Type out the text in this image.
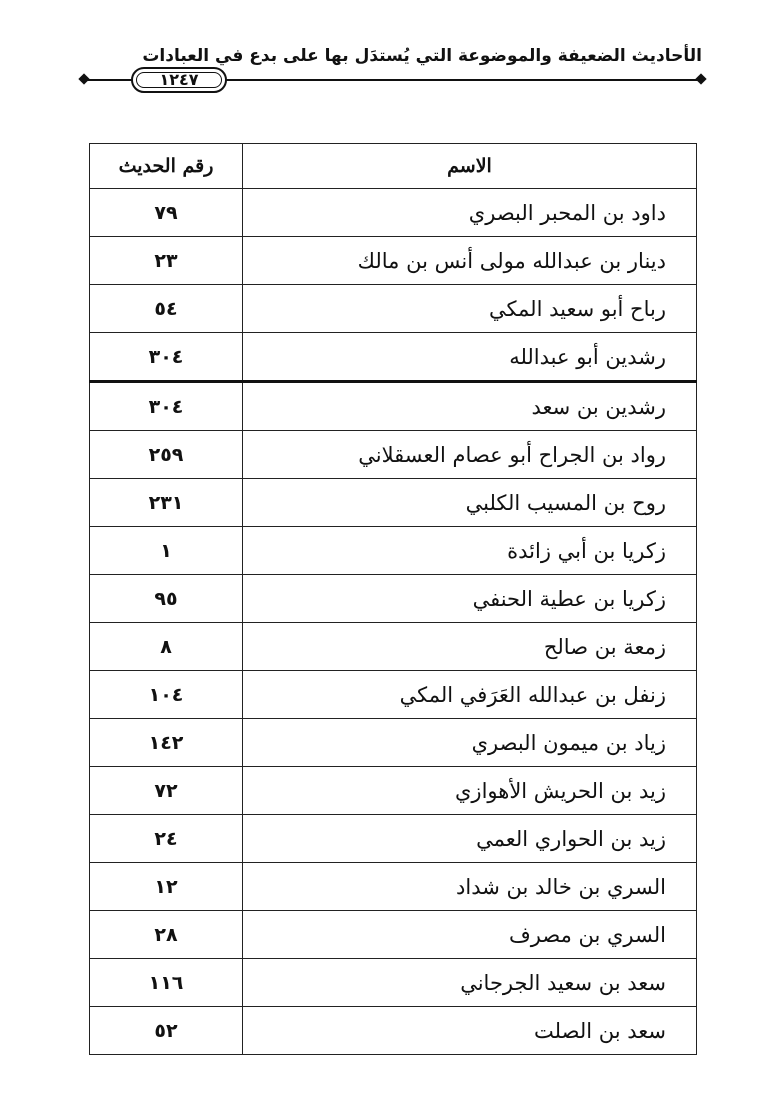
الأحاديث الضعيفة والموضوعة التي يُستدَل بها على بدع في العبادات
١٢٤٧
الاسم	رقم الحديث
داود بن المحبر البصري	٧٩
دينار بن عبدالله مولى أنس بن مالك	٢٣
رباح أبو سعيد المكي	٥٤
رشدين أبو عبدالله	٣٠٤
رشدين بن سعد	٣٠٤
رواد بن الجراح أبو عصام العسقلاني	٢٥٩
روح بن المسيب الكلبي	٢٣١
زكريا بن أبي زائدة	١
زكريا بن عطية الحنفي	٩٥
زمعة بن صالح	٨
زنفل بن عبدالله العَرَفي المكي	١٠٤
زياد بن ميمون البصري	١٤٢
زيد بن الحريش الأهوازي	٧٢
زيد بن الحواري العمي	٢٤
السري بن خالد بن شداد	١٢
السري بن مصرف	٢٨
سعد بن سعيد الجرجاني	١١٦
سعد بن الصلت	٥٢
